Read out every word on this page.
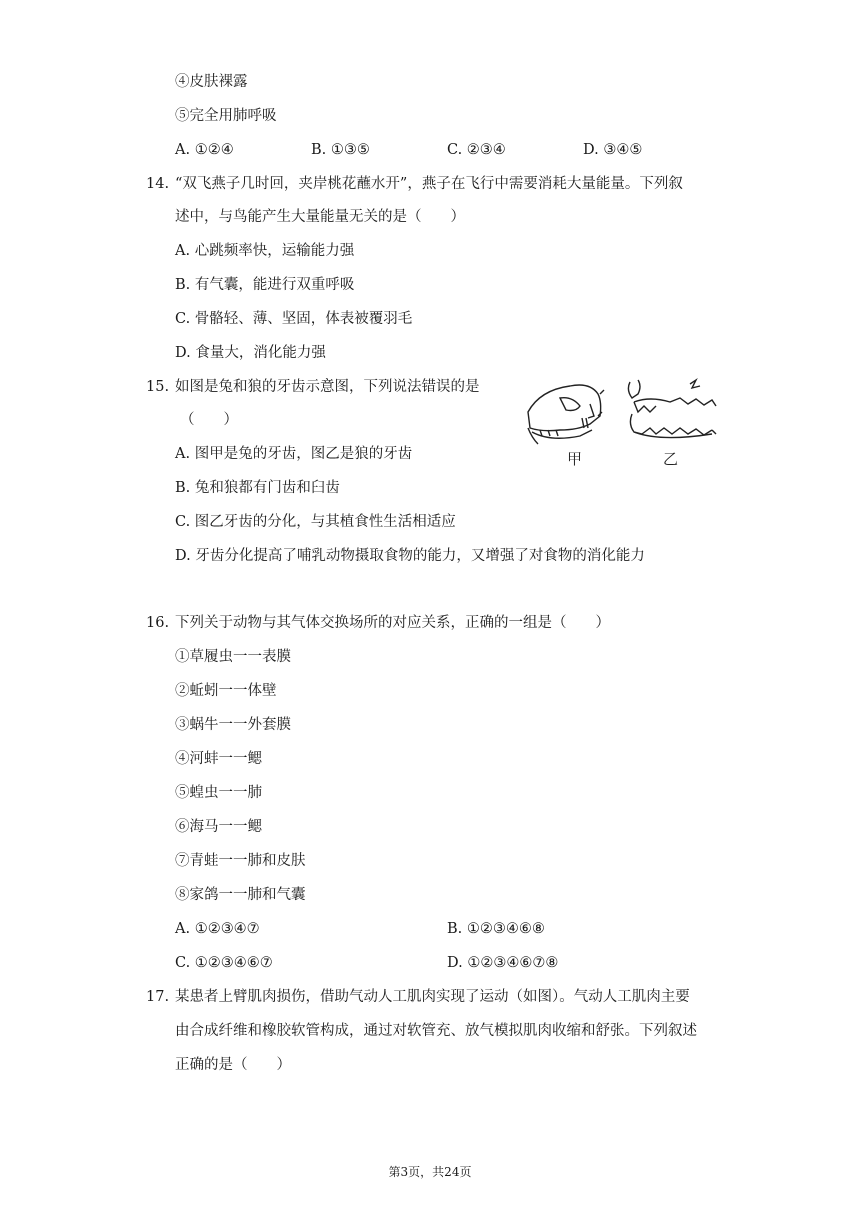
④皮肤裸露
⑤完全用肺呼吸
A. ①②④	B. ①③⑤	C. ②③④	D. ③④⑤
14. “双飞燕子几时回，夹岸桃花蘸水开”，燕子在飞行中需要消耗大量能量。下列叙
述中，与鸟能产生大量能量无关的是（　　）
A. 心跳频率快，运输能力强
B. 有气囊，能进行双重呼吸
C. 骨骼轻、薄、坚固，体表被覆羽毛
D. 食量大，消化能力强
15. 如图是兔和狼的牙齿示意图，下列说法错误的是
（　　）
甲	乙
A. 图甲是兔的牙齿，图乙是狼的牙齿
B. 兔和狼都有门齿和臼齿
C. 图乙牙齿的分化，与其植食性生活相适应
D. 牙齿分化提高了哺乳动物摄取食物的能力，又增强了对食物的消化能力
16. 下列关于动物与其气体交换场所的对应关系，正确的一组是（　　）
①草履虫一一表膜
②蚯蚓一一体壁
③蜗牛一一外套膜
④河蚌一一鳃
⑤蝗虫一一肺
⑥海马一一鳃
⑦青蛙一一肺和皮肤
⑧家鸽一一肺和气囊
A. ①②③④⑦	B. ①②③④⑥⑧
C. ①②③④⑥⑦	D. ①②③④⑥⑦⑧
17. 某患者上臂肌肉损伤，借助气动人工肌肉实现了运动（如图）。气动人工肌肉主要
由合成纤维和橡胶软管构成，通过对软管充、放气模拟肌肉收缩和舒张。下列叙述
正确的是（　　）
第3页，共24页
